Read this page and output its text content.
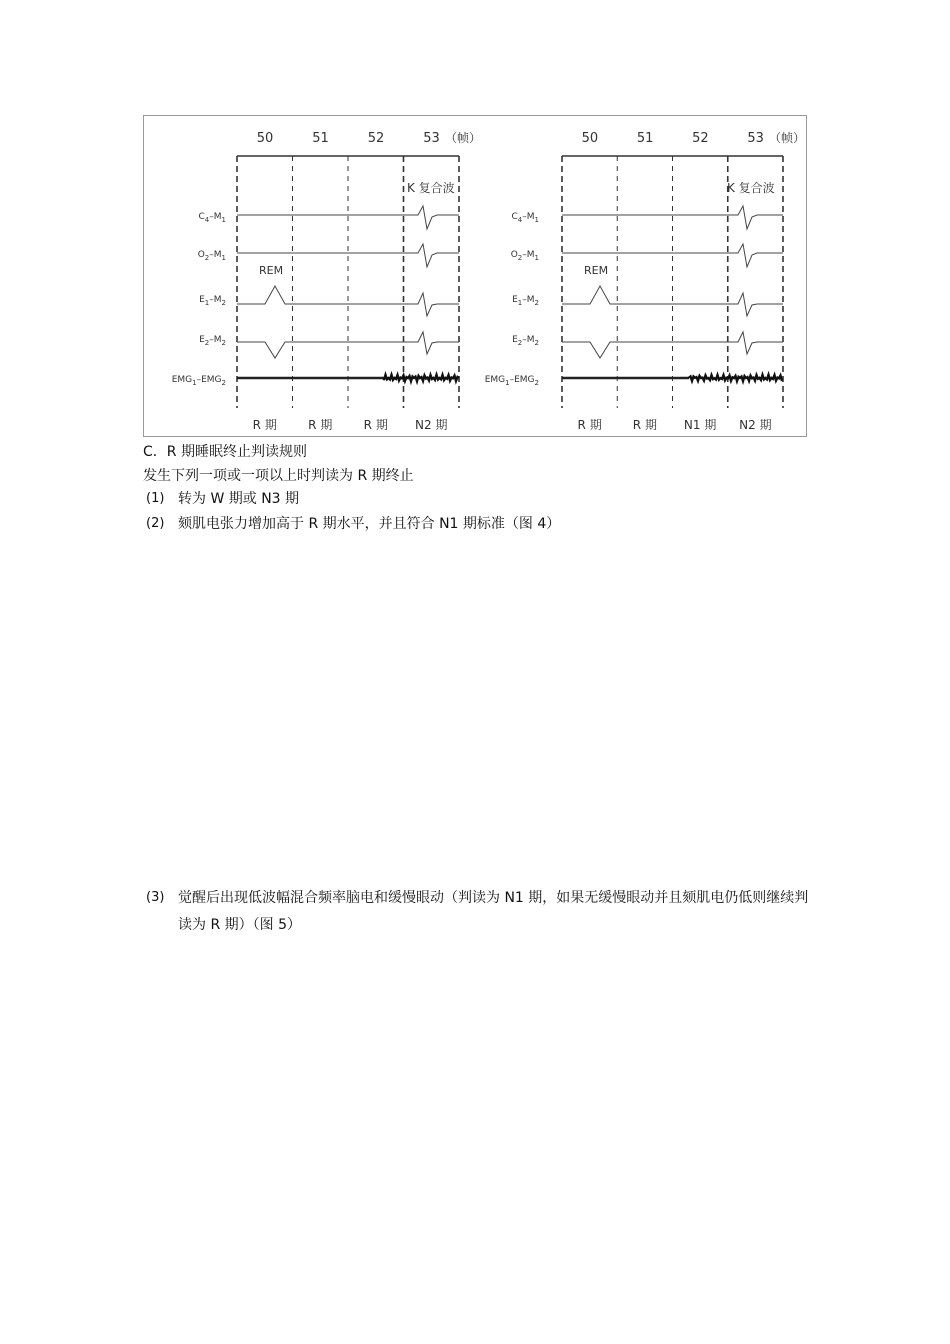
50	51	52	53 （帧）
K 复合波
REM
$C_4-M_1$
$O_2-M_1$
$E_1-M_2$
$E_2-M_2$
$EMG_1-EMG_2$
R 期	R 期	R 期 N2 期
50	51	52	53 （帧）
K 复合波
REM
$C_4-M_1$
$O_2-M_1$
$E_1-M_2$
$E_2-M_2$
$EMG_1-EMG_2$
R 期	R 期 N1 期 N2 期
C．R 期睡眠终止判读规则
发生下列一项或一项以上时判读为 R 期终止
(1) 转为 W 期或 N3 期
(2) 颏肌电张力增加高于 R 期水平，并且符合 N1 期标准（图 4）
(3) 觉醒后出现低波幅混合频率脑电和缓慢眼动（判读为 N1 期，如果无缓慢眼动并且颏肌电仍低则继续判读为 R 期）（图 5）
